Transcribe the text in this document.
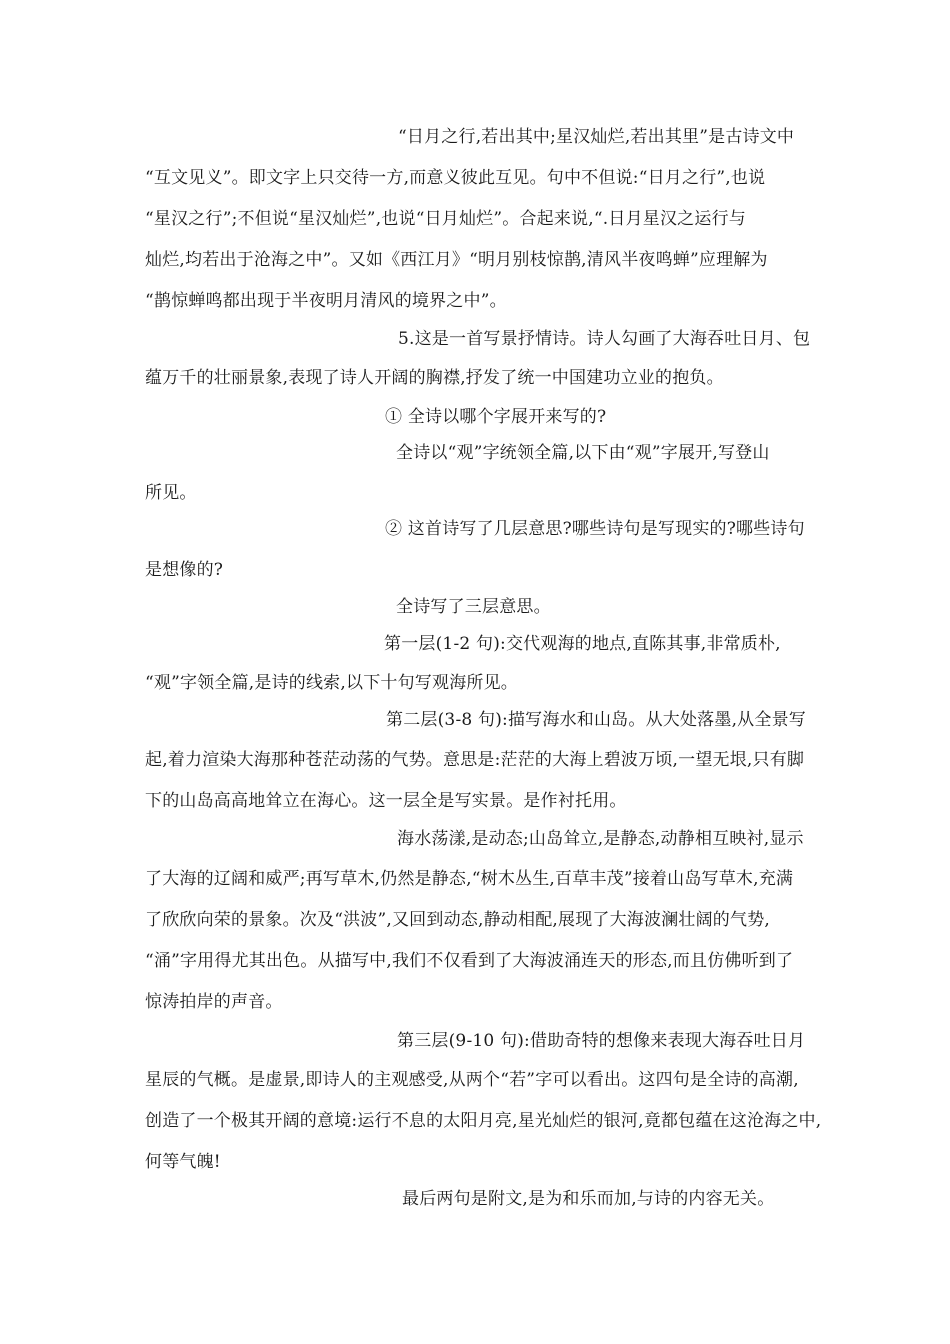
“日月之行,若出其中;星汉灿烂,若出其里”是古诗文中
“互文见义”。即文字上只交待一方,而意义彼此互见。句中不但说:“日月之行”,也说
“星汉之行”;不但说“星汉灿烂”,也说“日月灿烂”。合起来说,“.日月星汉之运行与
灿烂,均若出于沧海之中”。又如《西江月》“明月别枝惊鹊,清风半夜鸣蝉”应理解为
“鹊惊蝉鸣都出现于半夜明月清风的境界之中”。
5.这是一首写景抒情诗。诗人勾画了大海吞吐日月、包
蕴万千的壮丽景象,表现了诗人开阔的胸襟,抒发了统一中国建功立业的抱负。
① 全诗以哪个字展开来写的?
全诗以“观”字统领全篇,以下由“观”字展开,写登山
所见。
② 这首诗写了几层意思?哪些诗句是写现实的?哪些诗句
是想像的?
全诗写了三层意思。
第一层(1-2 句):交代观海的地点,直陈其事,非常质朴,
“观”字领全篇,是诗的线索,以下十句写观海所见。
第二层(3-8 句):描写海水和山岛。从大处落墨,从全景写
起,着力渲染大海那种苍茫动荡的气势。意思是:茫茫的大海上碧波万顷,一望无垠,只有脚
下的山岛高高地耸立在海心。这一层全是写实景。是作衬托用。
海水荡漾,是动态;山岛耸立,是静态,动静相互映衬,显示
了大海的辽阔和威严;再写草木,仍然是静态,“树木丛生,百草丰茂”接着山岛写草木,充满
了欣欣向荣的景象。次及“洪波”,又回到动态,静动相配,展现了大海波澜壮阔的气势,
“涌”字用得尤其出色。从描写中,我们不仅看到了大海波涌连天的形态,而且仿佛听到了
惊涛拍岸的声音。
第三层(9-10 句):借助奇特的想像来表现大海吞吐日月
星辰的气概。是虚景,即诗人的主观感受,从两个“若”字可以看出。这四句是全诗的高潮,
创造了一个极其开阔的意境:运行不息的太阳月亮,星光灿烂的银河,竟都包蕴在这沧海之中,
何等气魄!
最后两句是附文,是为和乐而加,与诗的内容无关。
